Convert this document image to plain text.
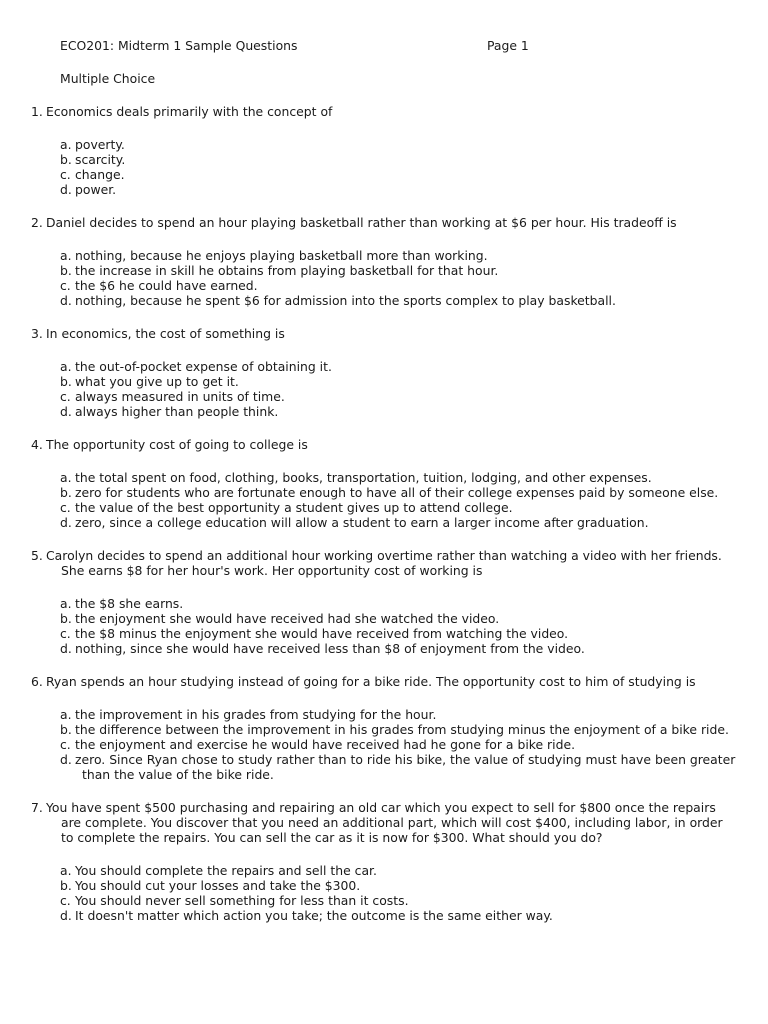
ECO201: Midterm 1 Sample Questions	Page 1
Multiple Choice
1. Economics deals primarily with the concept of
a. poverty.
b. scarcity.
c. change.
d. power.
2. Daniel decides to spend an hour playing basketball rather than working at $6 per hour. His tradeoff is
a. nothing, because he enjoys playing basketball more than working.
b. the increase in skill he obtains from playing basketball for that hour.
c. the $6 he could have earned.
d. nothing, because he spent $6 for admission into the sports complex to play basketball.
3. In economics, the cost of something is
a. the out-of-pocket expense of obtaining it.
b. what you give up to get it.
c. always measured in units of time.
d. always higher than people think.
4. The opportunity cost of going to college is
a. the total spent on food, clothing, books, transportation, tuition, lodging, and other expenses.
b. zero for students who are fortunate enough to have all of their college expenses paid by someone else.
c. the value of the best opportunity a student gives up to attend college.
d. zero, since a college education will allow a student to earn a larger income after graduation.
5. Carolyn decides to spend an additional hour working overtime rather than watching a video with her friends.
She earns $8 for her hour's work. Her opportunity cost of working is
a. the $8 she earns.
b. the enjoyment she would have received had she watched the video.
c. the $8 minus the enjoyment she would have received from watching the video.
d. nothing, since she would have received less than $8 of enjoyment from the video.
6. Ryan spends an hour studying instead of going for a bike ride. The opportunity cost to him of studying is
a. the improvement in his grades from studying for the hour.
b. the difference between the improvement in his grades from studying minus the enjoyment of a bike ride.
c. the enjoyment and exercise he would have received had he gone for a bike ride.
d. zero. Since Ryan chose to study rather than to ride his bike, the value of studying must have been greater
than the value of the bike ride.
7. You have spent $500 purchasing and repairing an old car which you expect to sell for $800 once the repairs
are complete. You discover that you need an additional part, which will cost $400, including labor, in order
to complete the repairs. You can sell the car as it is now for $300. What should you do?
a. You should complete the repairs and sell the car.
b. You should cut your losses and take the $300.
c. You should never sell something for less than it costs.
d. It doesn't matter which action you take; the outcome is the same either way.
